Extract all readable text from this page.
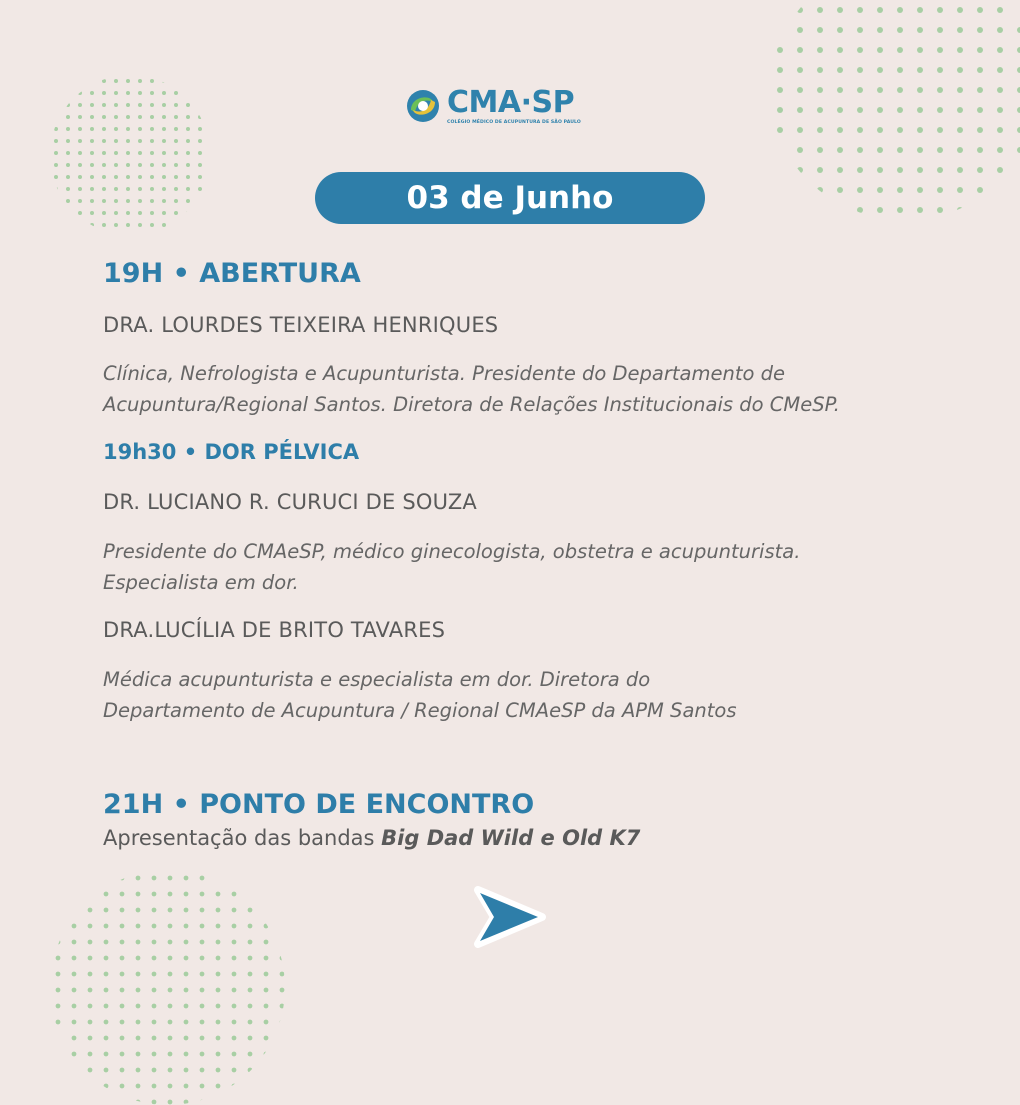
CMA·SP
COLÉGIO MÉDICO DE ACUPUNTURA DE SÃO PAULO
03 de Junho
19H • ABERTURA
DRA. LOURDES TEIXEIRA HENRIQUES
Clínica, Nefrologista e Acupunturista. Presidente do Departamento de
Acupuntura/Regional Santos. Diretora de Relações Institucionais do CMeSP.
19h30 • DOR PÉLVICA
DR. LUCIANO R. CURUCI DE SOUZA
Presidente do CMAeSP, médico ginecologista, obstetra e acupunturista.
Especialista em dor.
DRA.LUCÍLIA DE BRITO TAVARES
Médica acupunturista e especialista em dor. Diretora do
Departamento de Acupuntura / Regional CMAeSP da APM Santos
21H • PONTO DE ENCONTRO
Apresentação das bandas Big Dad Wild e Old K7
